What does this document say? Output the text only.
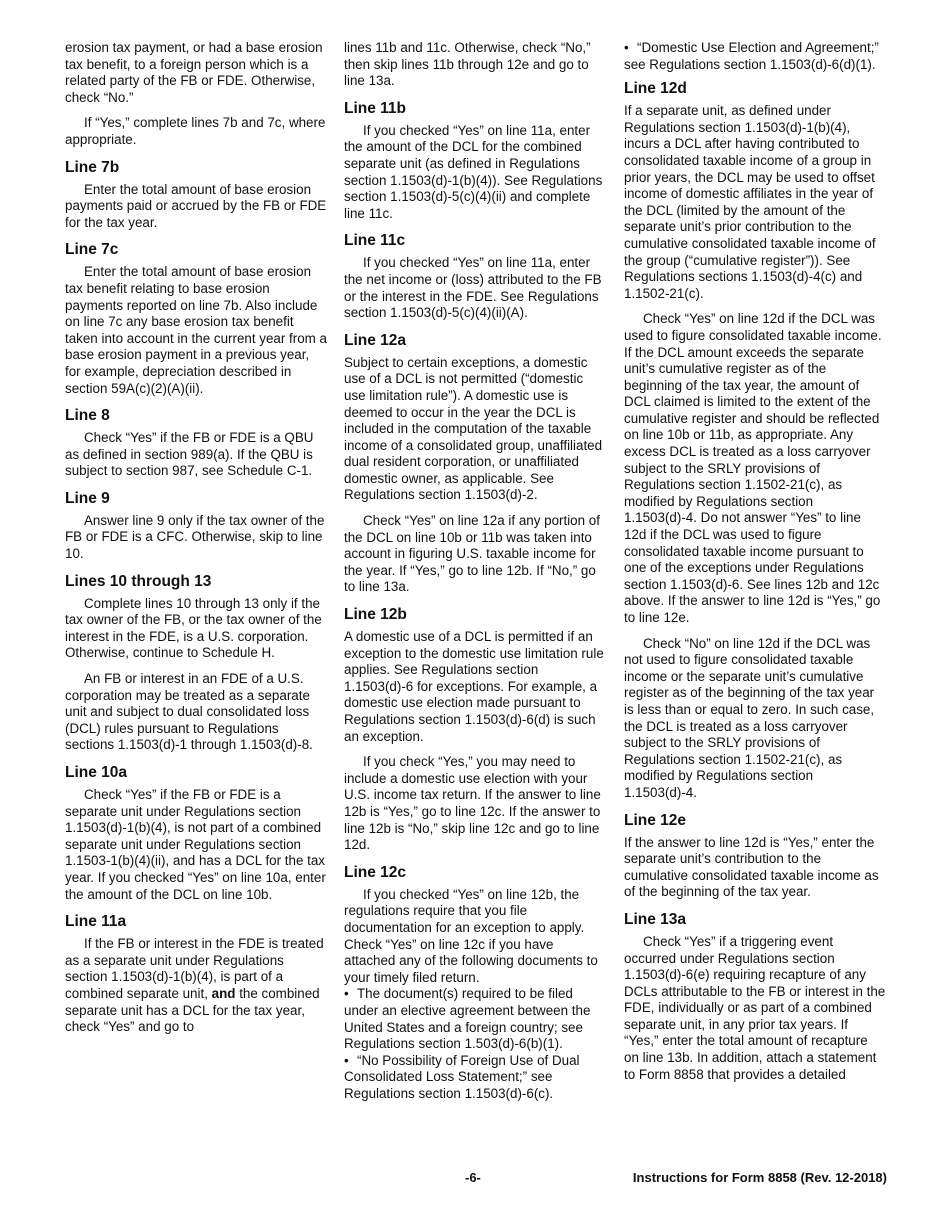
erosion tax payment, or had a base erosion tax benefit, to a foreign person which is a related party of the FB or FDE. Otherwise, check “No.”

If “Yes,” complete lines 7b and 7c, where appropriate.

Line 7b

Enter the total amount of base erosion payments paid or accrued by the FB or FDE for the tax year.

Line 7c

Enter the total amount of base erosion tax benefit relating to base erosion payments reported on line 7b. Also include on line 7c any base erosion tax benefit taken into account in the current year from a base erosion payment in a previous year, for example, depreciation described in section 59A(c)(2)(A)(ii).

Line 8

Check “Yes” if the FB or FDE is a QBU as defined in section 989(a). If the QBU is subject to section 987, see Schedule C-1.

Line 9

Answer line 9 only if the tax owner of the FB or FDE is a CFC. Otherwise, skip to line 10.

Lines 10 through 13

Complete lines 10 through 13 only if the tax owner of the FB, or the tax owner of the interest in the FDE, is a U.S. corporation. Otherwise, continue to Schedule H.

An FB or interest in an FDE of a U.S. corporation may be treated as a separate unit and subject to dual consolidated loss (DCL) rules pursuant to Regulations sections 1.1503(d)-1 through 1.1503(d)-8.

Line 10a

Check “Yes” if the FB or FDE is a separate unit under Regulations section 1.1503(d)-1(b)(4), is not part of a combined separate unit under Regulations section 1.1503-1(b)(4)(ii), and has a DCL for the tax year. If you checked “Yes” on line 10a, enter the amount of the DCL on line 10b.

Line 11a

If the FB or interest in the FDE is treated as a separate unit under Regulations section 1.1503(d)-1(b)(4), is part of a combined separate unit, and the combined separate unit has a DCL for the tax year, check “Yes” and go to

lines 11b and 11c. Otherwise, check “No,” then skip lines 11b through 12e and go to line 13a.

Line 11b

If you checked “Yes” on line 11a, enter the amount of the DCL for the combined separate unit (as defined in Regulations section 1.1503(d)-1(b)(4)). See Regulations section 1.1503(d)-5(c)(4)(ii) and complete line 11c.

Line 11c

If you checked “Yes” on line 11a, enter the net income or (loss) attributed to the FB or the interest in the FDE. See Regulations section 1.1503(d)-5(c)(4)(ii)(A).

Line 12a

Subject to certain exceptions, a domestic use of a DCL is not permitted (“domestic use limitation rule”). A domestic use is deemed to occur in the year the DCL is included in the computation of the taxable income of a consolidated group, unaffiliated dual resident corporation, or unaffiliated domestic owner, as applicable. See Regulations section 1.1503(d)-2.

Check “Yes” on line 12a if any portion of the DCL on line 10b or 11b was taken into account in figuring U.S. taxable income for the year. If “Yes,” go to line 12b. If “No,” go to line 13a.

Line 12b

A domestic use of a DCL is permitted if an exception to the domestic use limitation rule applies. See Regulations section 1.1503(d)-6 for exceptions. For example, a domestic use election made pursuant to Regulations section 1.1503(d)-6(d) is such an exception.

If you check “Yes,” you may need to include a domestic use election with your U.S. income tax return. If the answer to line 12b is “Yes,” go to line 12c. If the answer to line 12b is “No,” skip line 12c and go to line 12d.

Line 12c

If you checked “Yes” on line 12b, the regulations require that you file documentation for an exception to apply. Check “Yes” on line 12c if you have attached any of the following documents to your timely filed return.

• The document(s) required to be filed under an elective agreement between the United States and a foreign country; see Regulations section 1.503(d)-6(b)(1).

• “No Possibility of Foreign Use of Dual Consolidated Loss Statement;” see Regulations section 1.1503(d)-6(c).

• “Domestic Use Election and Agreement;” see Regulations section 1.1503(d)-6(d)(1).

Line 12d

If a separate unit, as defined under Regulations section 1.1503(d)-1(b)(4), incurs a DCL after having contributed to consolidated taxable income of a group in prior years, the DCL may be used to offset income of domestic affiliates in the year of the DCL (limited by the amount of the separate unit’s prior contribution to the cumulative consolidated taxable income of the group (“cumulative register”)). See Regulations sections 1.1503(d)-4(c) and 1.1502-21(c).

Check “Yes” on line 12d if the DCL was used to figure consolidated taxable income. If the DCL amount exceeds the separate unit’s cumulative register as of the beginning of the tax year, the amount of DCL claimed is limited to the extent of the cumulative register and should be reflected on line 10b or 11b, as appropriate. Any excess DCL is treated as a loss carryover subject to the SRLY provisions of Regulations section 1.1502-21(c), as modified by Regulations section 1.1503(d)-4. Do not answer “Yes” to line 12d if the DCL was used to figure consolidated taxable income pursuant to one of the exceptions under Regulations section 1.1503(d)-6. See lines 12b and 12c above. If the answer to line 12d is “Yes,” go to line 12e.

Check “No” on line 12d if the DCL was not used to figure consolidated taxable income or the separate unit’s cumulative register as of the beginning of the tax year is less than or equal to zero. In such case, the DCL is treated as a loss carryover subject to the SRLY provisions of Regulations section 1.1502-21(c), as modified by Regulations section 1.1503(d)-4.

Line 12e

If the answer to line 12d is “Yes,” enter the separate unit’s contribution to the cumulative consolidated taxable income as of the beginning of the tax year.

Line 13a

Check “Yes” if a triggering event occurred under Regulations section 1.1503(d)-6(e) requiring recapture of any DCLs attributable to the FB or interest in the FDE, individually or as part of a combined separate unit, in any prior tax years. If “Yes,” enter the total amount of recapture on line 13b. In addition, attach a statement to Form 8858 that provides a detailed

-6-	Instructions for Form 8858 (Rev. 12-2018)
